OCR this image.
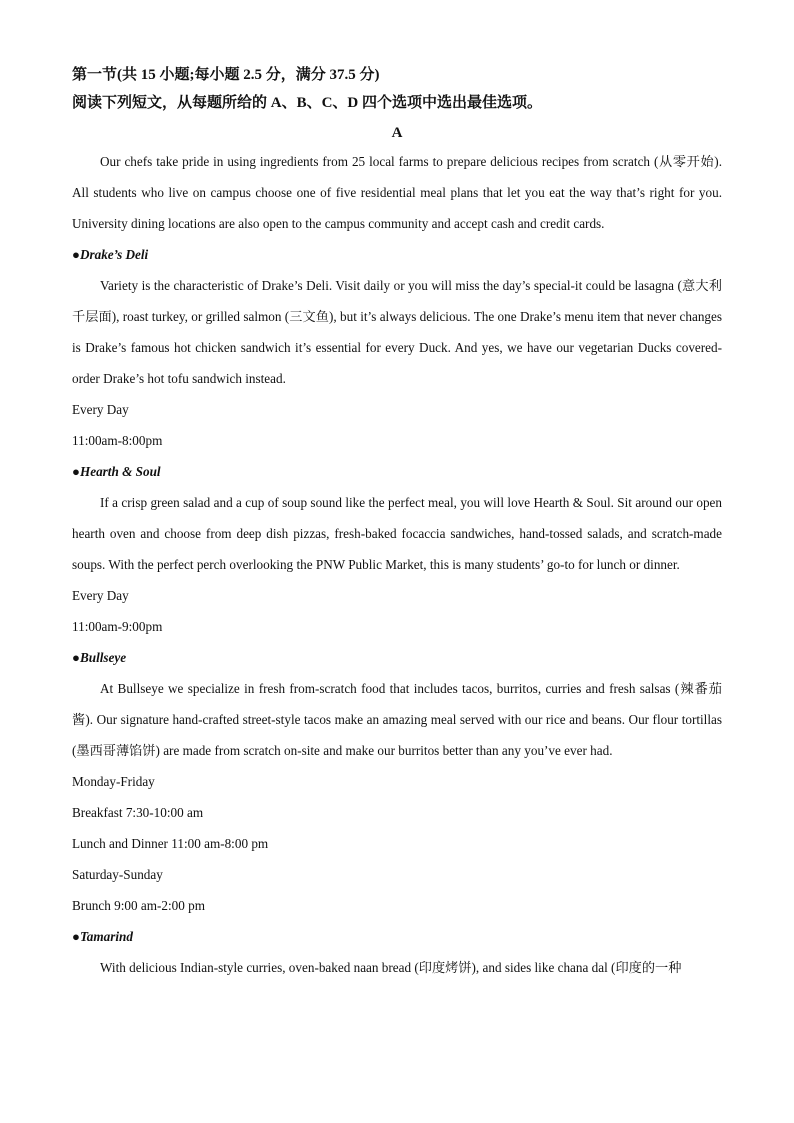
第一节(共 15 小题;每小题 2.5 分，满分 37.5 分)

阅读下列短文，从每题所给的 A、B、C、D 四个选项中选出最佳选项。

A

Our chefs take pride in using ingredients from 25 local farms to prepare delicious recipes from scratch (从零开始). All students who live on campus choose one of five residential meal plans that let you eat the way that’s right for you. University dining locations are also open to the campus community and accept cash and credit cards.

●Drake’s Deli

Variety is the characteristic of Drake’s Deli. Visit daily or you will miss the day’s special-it could be lasagna (意大利千层面), roast turkey, or grilled salmon (三文鱼), but it’s always delicious. The one Drake’s menu item that never changes is Drake’s famous hot chicken sandwich it’s essential for every Duck. And yes, we have our vegetarian Ducks covered-order Drake’s hot tofu sandwich instead.

Every Day

11:00am-8:00pm

●Hearth & Soul

If a crisp green salad and a cup of soup sound like the perfect meal, you will love Hearth & Soul. Sit around our open hearth oven and choose from deep dish pizzas, fresh-baked focaccia sandwiches, hand-tossed salads, and scratch-made soups. With the perfect perch overlooking the PNW Public Market, this is many students’ go-to for lunch or dinner.

Every Day

11:00am-9:00pm

●Bullseye

At Bullseye we specialize in fresh from-scratch food that includes tacos, burritos, curries and fresh salsas (辣番茄酱). Our signature hand-crafted street-style tacos make an amazing meal served with our rice and beans. Our flour tortillas (墨西哥薄馅饼) are made from scratch on-site and make our burritos better than any you’ve ever had.

Monday-Friday

Breakfast 7:30-10:00 am

Lunch and Dinner 11:00 am-8:00 pm

Saturday-Sunday

Brunch 9:00 am-2:00 pm

●Tamarind

With delicious Indian-style curries, oven-baked naan bread (印度烤饼), and sides like chana dal (印度的一种
